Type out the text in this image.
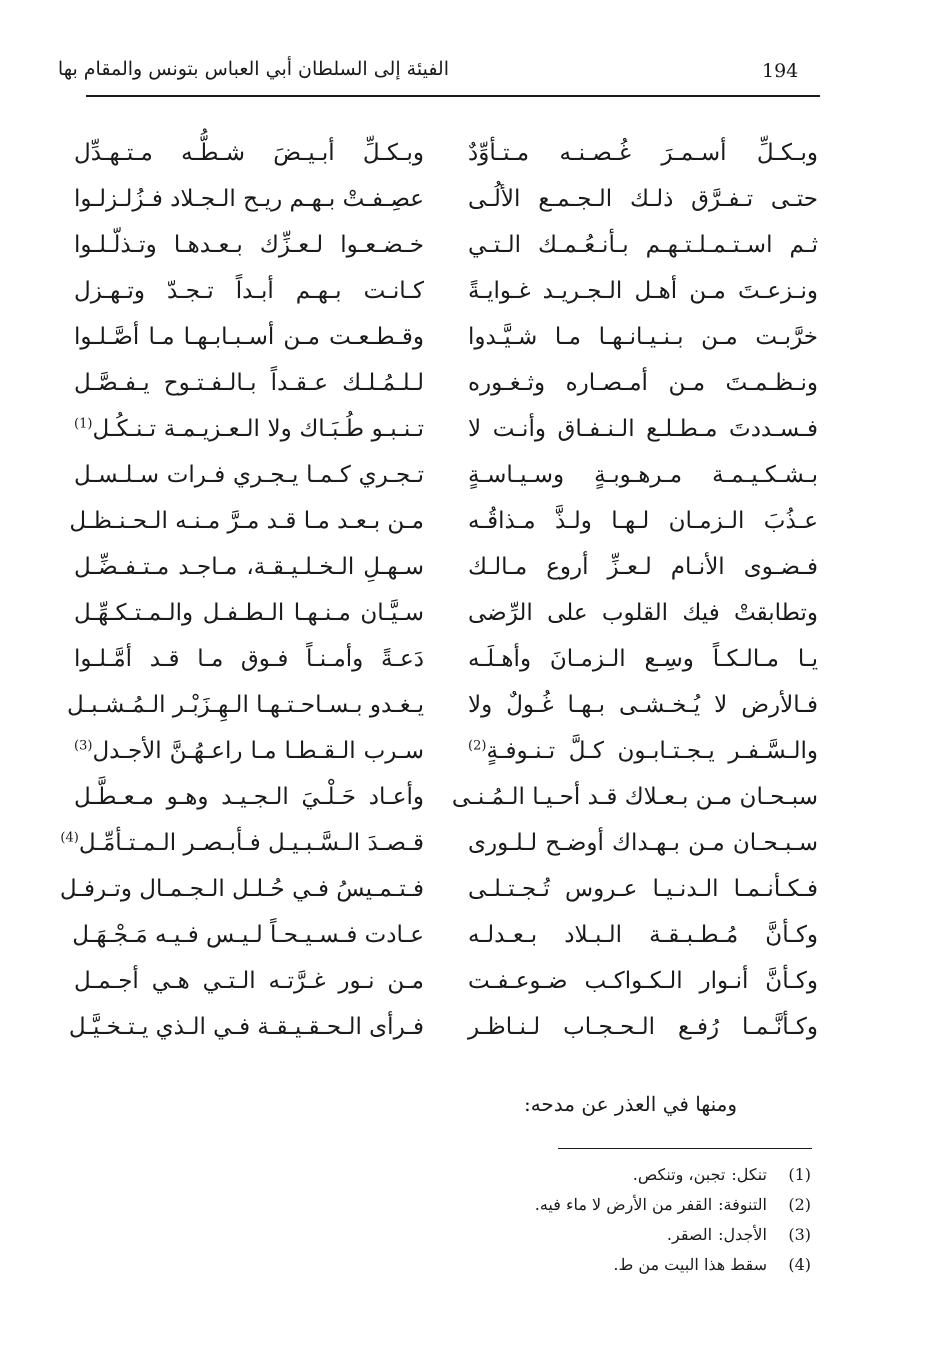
الفيئة إلى السلطان أبي العباس بتونس والمقام بها	194
وبـكـلِّ أسـمـرَ غُـصـنـه مـتـأوِّدٌ
حتـى تـفـرَّق ذلـك الـجـمـع الألُـى
ثـم اسـتـمـلـتـهـم بـأنـعُـمـك الـتـي
ونـزعـتَ مـن أهـل الـجـريـد غـوايـةً
خرَّبـت مـن بـنـيـانـهـا مـا شـيَّـدوا
ونـظـمـتَ مـن أمـصـاره وثـغـوره
فـسـددتَ مـطـلـع الـنـفـاق وأنـت لا
بـشـكـيـمـة مـرهـوبـةٍ وسـيـاسـةٍ
عـذُبَ الـزمـان لـهـا ولـذَّ مـذاقُـه
فـضـوى الأنـام لـعـزِّ أروع مـالـك
وتطابقتْ فيك القلوب على الرِّضى
يـا مـالـكـاً وسِـع الـزمـانَ وأهـلَـه
فـالأرض لا يُـخـشـى بـهـا غُـولٌ ولا
والـسَّـفـر يـجـتـابـون كـلَّ تـنـوفـةٍ$^{(2)}$
سبـحـان مـن بـعـلاك قـد أحـيـا الـمُـنـى
سـبـحـان مـن بـهـداك أوضـح لـلـورى
فـكـأنـمـا الـدنـيـا عـروس تُـجـتـلـى
وكـأنَّ مُـطـبـقـة الـبـلاد بـعـدلـه
وكـأنَّ أنـوار الـكـواكـب ضـوعـفـت
وكـأنَّـمـا رُفـع الـحـجـاب لـنـاظـر
وبـكـلِّ أبـيـضَ شـطُّـه مـتـهـدِّل
عصِـفـتْ بـهـم ريـح الـجـلاد فـزُلـزلـوا
خـضـعـوا لـعـزِّك بـعـدهـا وتـذلّـلـوا
كـانـت بـهـم أبـداً تـجـدّ وتـهـزل
وقـطـعـت مـن أسـبـابـهـا مـا أصَّـلـوا
لـلـمُـلـك عـقـداً بـالـفـتـوح يـفـصَّـل
تـنـبـو طُـبَـاك ولا الـعـزيـمـة تـنـكُـل$^{(1)}$
تـجـري كـمـا يـجـري فـرات سـلـسـل
مـن بـعـد مـا قـد مـرَّ مـنـه الـحـنـظـل
سـهـلِ الـخـلـيـقـة، مـاجـد مـتـفـضِّـل
سـيَّـان مـنـهـا الـطـفـل والـمـتـكـهِّـل
دَعـةً وأمـنـاً فـوق مـا قـد أمَّـلـوا
يـغـدو بـسـاحـتـهـا الـهِـزَبْـر الـمُـشـبـل
سـرب الـقـطـا مـا راعـهُـنَّ الأجـدل$^{(3)}$
وأعـاد حَـلْـيَ الـجـيـد وهـو مـعـطَّـل
قـصـدَ الـسَّـبـيـل فـأبـصـر الـمـتـأمِّـل$^{(4)}$
فـتـمـيسُ فـي حُـلـل الـجـمـال وتـرفـل
عـادت فـسـيـحـاً لـيـس فـيـه مَـجْـهَـل
مـن نـور غـرَّتـه الـتـي هـي أجـمـل
فـرأى الـحـقـيـقـة فـي الـذي يـتـخـيَّـل
ومنها في العذر عن مدحه:
(1)تنكل:تجبن، وتنكص.
(2)التنوفة:القفر من الأرض لا ماء فيه.
(3)الأجدل:الصقر.
(4)سقط هذا البيت من ط.
